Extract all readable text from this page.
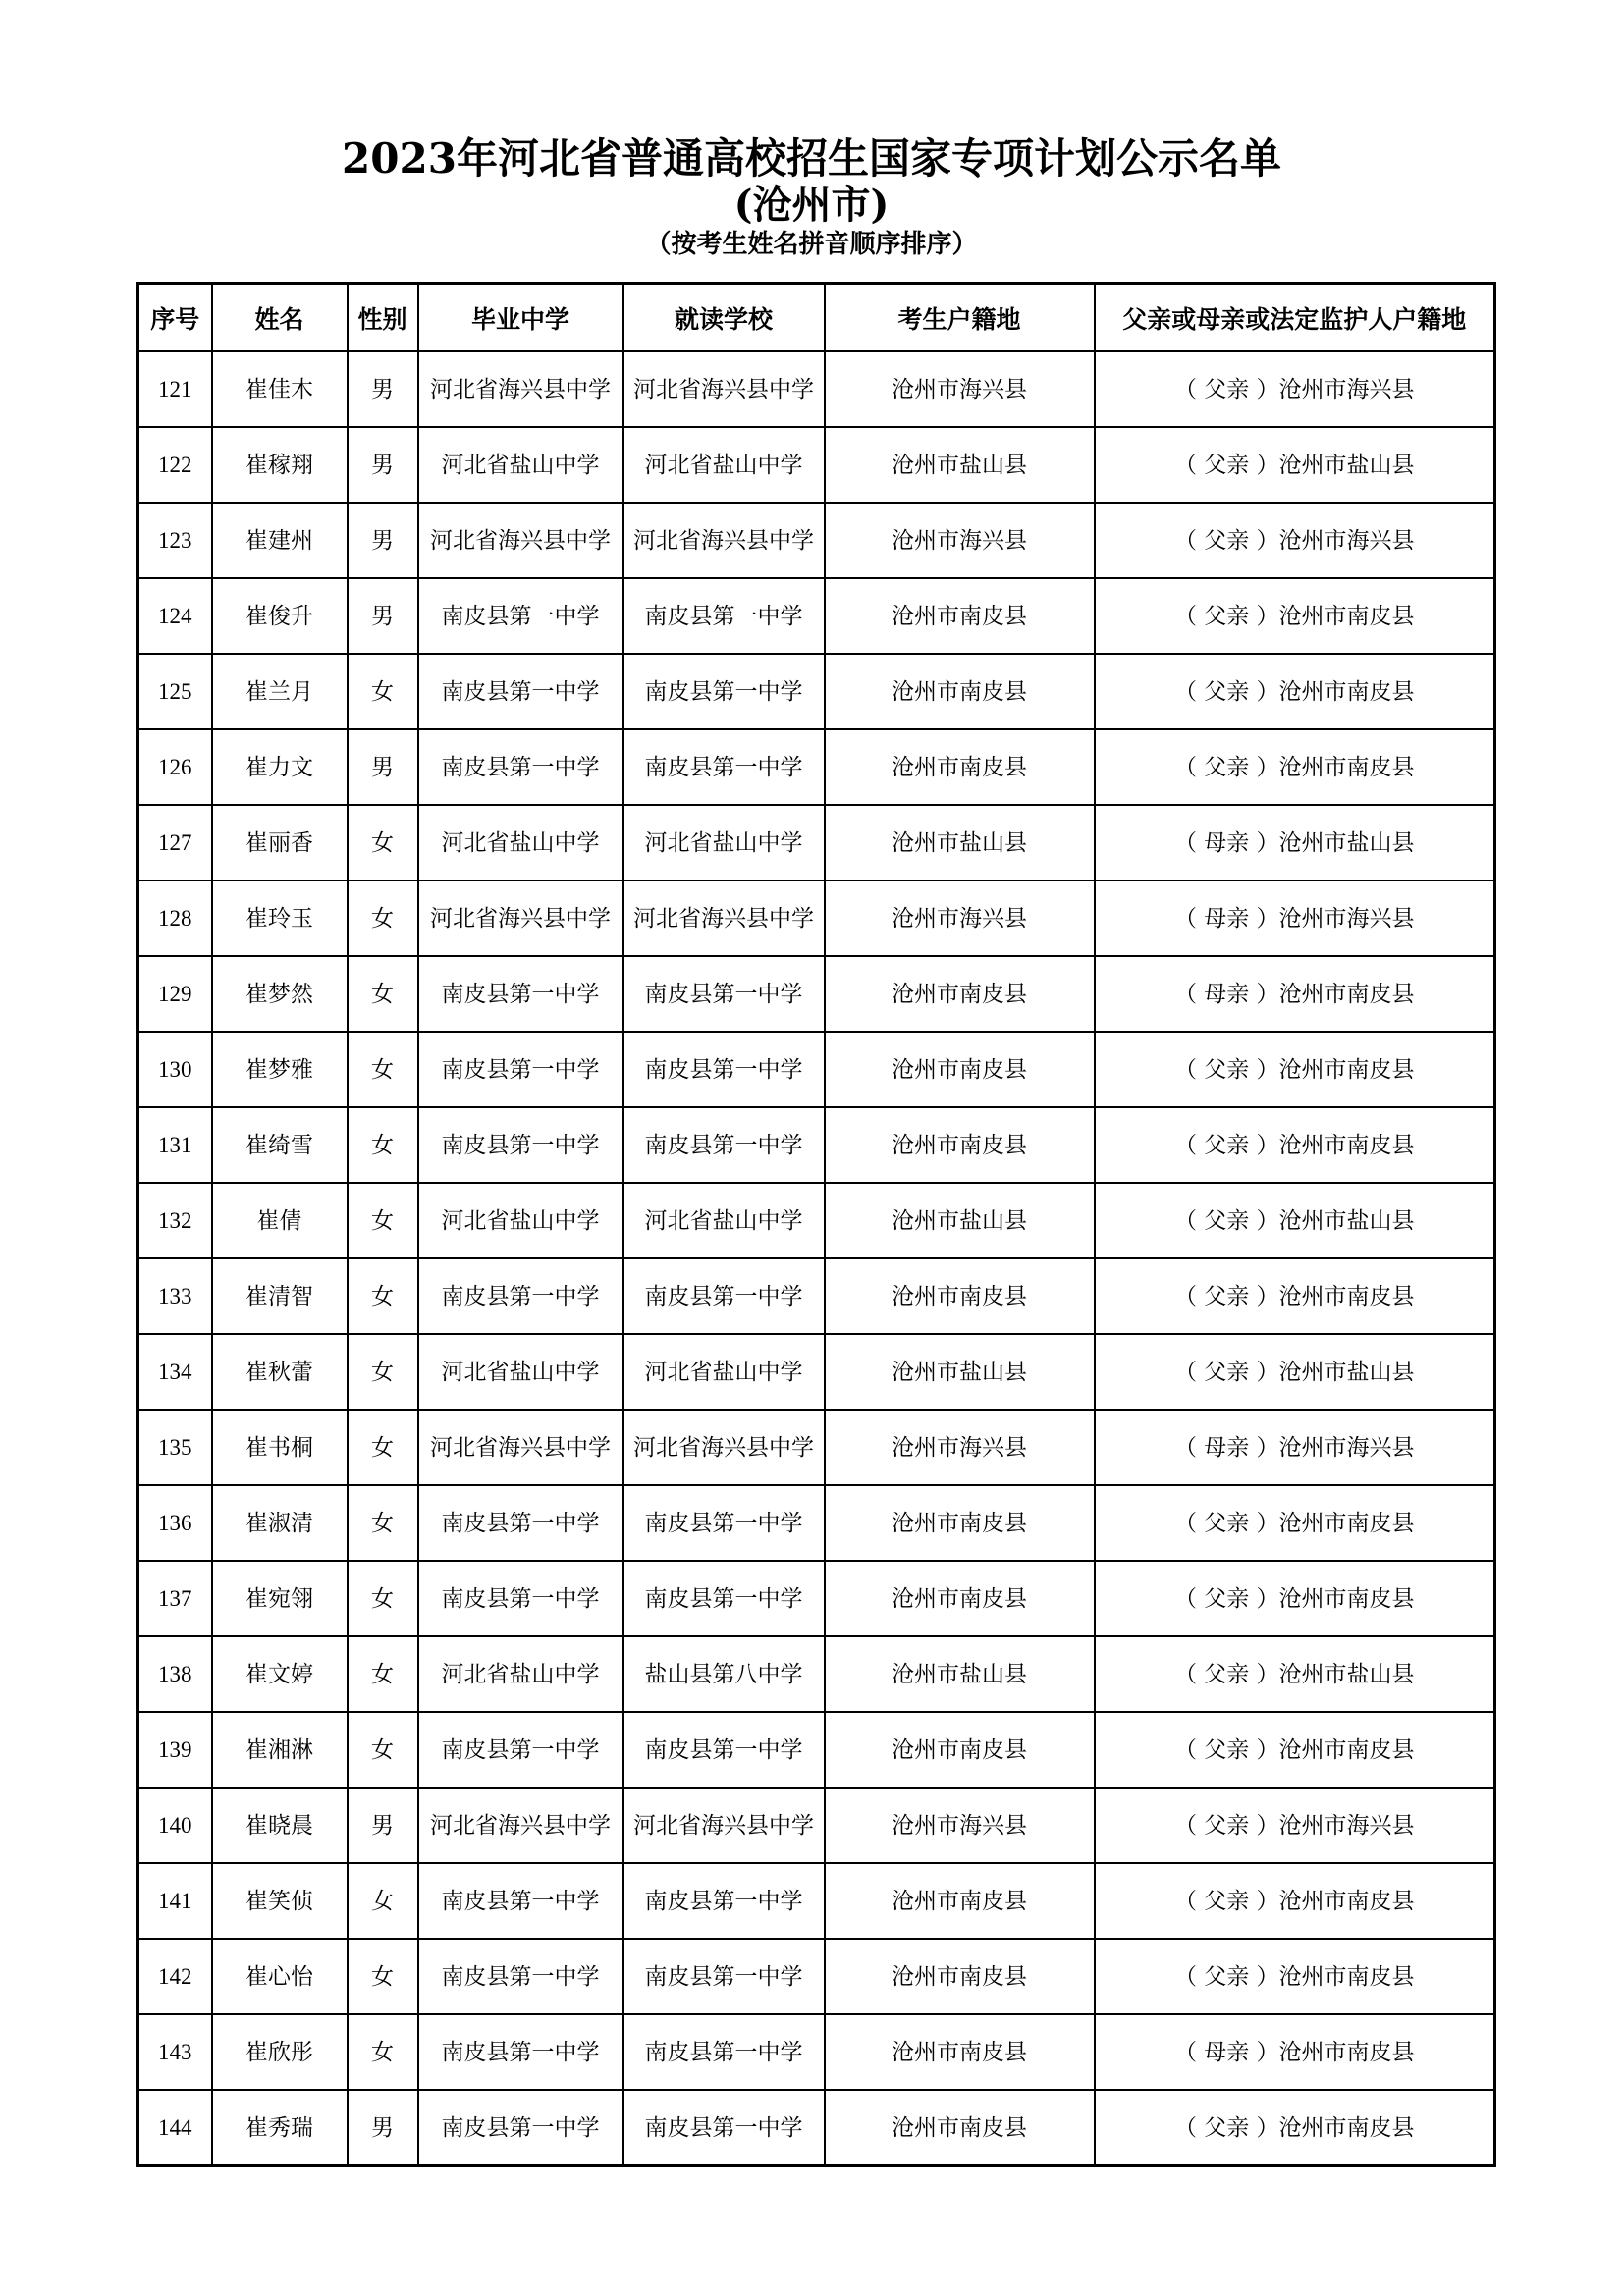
2023年河北省普通高校招生国家专项计划公示名单
(沧州市)
（按考生姓名拼音顺序排序）
序号	姓名	性别	毕业中学	就读学校	考生户籍地	父亲或母亲或法定监护人户籍地
121	崔佳木	男	河北省海兴县中学	河北省海兴县中学	沧州市海兴县	（ 父亲 ）沧州市海兴县
122	崔稼翔	男	河北省盐山中学	河北省盐山中学	沧州市盐山县	（ 父亲 ）沧州市盐山县
123	崔建州	男	河北省海兴县中学	河北省海兴县中学	沧州市海兴县	（ 父亲 ）沧州市海兴县
124	崔俊升	男	南皮县第一中学	南皮县第一中学	沧州市南皮县	（ 父亲 ）沧州市南皮县
125	崔兰月	女	南皮县第一中学	南皮县第一中学	沧州市南皮县	（ 父亲 ）沧州市南皮县
126	崔力文	男	南皮县第一中学	南皮县第一中学	沧州市南皮县	（ 父亲 ）沧州市南皮县
127	崔丽香	女	河北省盐山中学	河北省盐山中学	沧州市盐山县	（ 母亲 ）沧州市盐山县
128	崔玲玉	女	河北省海兴县中学	河北省海兴县中学	沧州市海兴县	（ 母亲 ）沧州市海兴县
129	崔梦然	女	南皮县第一中学	南皮县第一中学	沧州市南皮县	（ 母亲 ）沧州市南皮县
130	崔梦雅	女	南皮县第一中学	南皮县第一中学	沧州市南皮县	（ 父亲 ）沧州市南皮县
131	崔绮雪	女	南皮县第一中学	南皮县第一中学	沧州市南皮县	（ 父亲 ）沧州市南皮县
132	崔倩	女	河北省盐山中学	河北省盐山中学	沧州市盐山县	（ 父亲 ）沧州市盐山县
133	崔清智	女	南皮县第一中学	南皮县第一中学	沧州市南皮县	（ 父亲 ）沧州市南皮县
134	崔秋蕾	女	河北省盐山中学	河北省盐山中学	沧州市盐山县	（ 父亲 ）沧州市盐山县
135	崔书桐	女	河北省海兴县中学	河北省海兴县中学	沧州市海兴县	（ 母亲 ）沧州市海兴县
136	崔淑清	女	南皮县第一中学	南皮县第一中学	沧州市南皮县	（ 父亲 ）沧州市南皮县
137	崔宛翎	女	南皮县第一中学	南皮县第一中学	沧州市南皮县	（ 父亲 ）沧州市南皮县
138	崔文婷	女	河北省盐山中学	盐山县第八中学	沧州市盐山县	（ 父亲 ）沧州市盐山县
139	崔湘淋	女	南皮县第一中学	南皮县第一中学	沧州市南皮县	（ 父亲 ）沧州市南皮县
140	崔晓晨	男	河北省海兴县中学	河北省海兴县中学	沧州市海兴县	（ 父亲 ）沧州市海兴县
141	崔笑侦	女	南皮县第一中学	南皮县第一中学	沧州市南皮县	（ 父亲 ）沧州市南皮县
142	崔心怡	女	南皮县第一中学	南皮县第一中学	沧州市南皮县	（ 父亲 ）沧州市南皮县
143	崔欣彤	女	南皮县第一中学	南皮县第一中学	沧州市南皮县	（ 母亲 ）沧州市南皮县
144	崔秀瑞	男	南皮县第一中学	南皮县第一中学	沧州市南皮县	（ 父亲 ）沧州市南皮县
